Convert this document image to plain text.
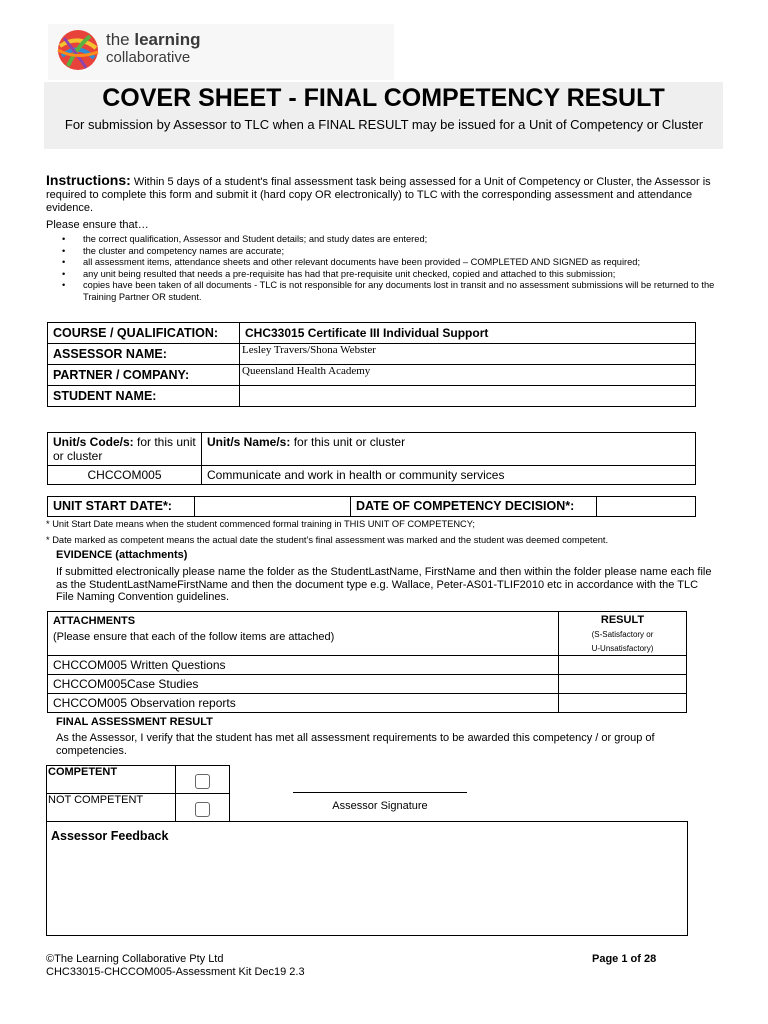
the learning
collaborative
COVER SHEET - FINAL COMPETENCY RESULT
For submission by Assessor to TLC when a FINAL RESULT may be issued for a Unit of Competency or Cluster
Instructions: Within 5 days of a student's final assessment task being assessed for a Unit of Competency or Cluster, the Assessor is required to complete this form and submit it (hard copy OR electronically) to TLC with the corresponding assessment and attendance evidence.
Please ensure that…
• the correct qualification, Assessor and Student details; and study dates are entered;
• the cluster and competency names are accurate;
• all assessment items, attendance sheets and other relevant documents have been provided – COMPLETED AND SIGNED as required;
• any unit being resulted that needs a pre-requisite has had that pre-requisite unit checked, copied and attached to this submission;
• copies have been taken of all documents - TLC is not responsible for any documents lost in transit and no assessment submissions will be returned to the Training Partner OR student.
COURSE / QUALIFICATION:	CHC33015 Certificate III Individual Support
ASSESSOR NAME:	Lesley Travers/Shona Webster
PARTNER / COMPANY:	Queensland Health Academy
STUDENT NAME:	
Unit/s Code/s: for this unit or cluster	Unit/s Name/s: for this unit or cluster
CHCCOM005	Communicate and work in health or community services
UNIT START DATE*:		DATE OF COMPETENCY DECISION*:	
* Unit Start Date means when the student commenced formal training in THIS UNIT OF COMPETENCY;
* Date marked as competent means the actual date the student’s final assessment was marked and the student was deemed competent.
EVIDENCE (attachments)
If submitted electronically please name the folder as the StudentLastName, FirstName and then within the folder please name each file as the StudentLastNameFirstName and then the document type e.g. Wallace, Peter-AS01-TLIF2010 etc in accordance with the TLC File Naming Convention guidelines.
ATTACHMENTS
(Please ensure that each of the follow items are attached)	RESULT
(S-Satisfactory or
U-Unsatisfactory)
CHCCOM005 Written Questions	
CHCCOM005Case Studies	
CHCCOM005 Observation reports	
FINAL ASSESSMENT RESULT
As the Assessor, I verify that the student has met all assessment requirements to be awarded this competency / or group of competencies.
COMPETENT	
NOT COMPETENT		Assessor Signature
Assessor Feedback
©The Learning Collaborative Pty Ltd
CHC33015-CHCCOM005-Assessment Kit Dec19 2.3
Page 1 of 28
